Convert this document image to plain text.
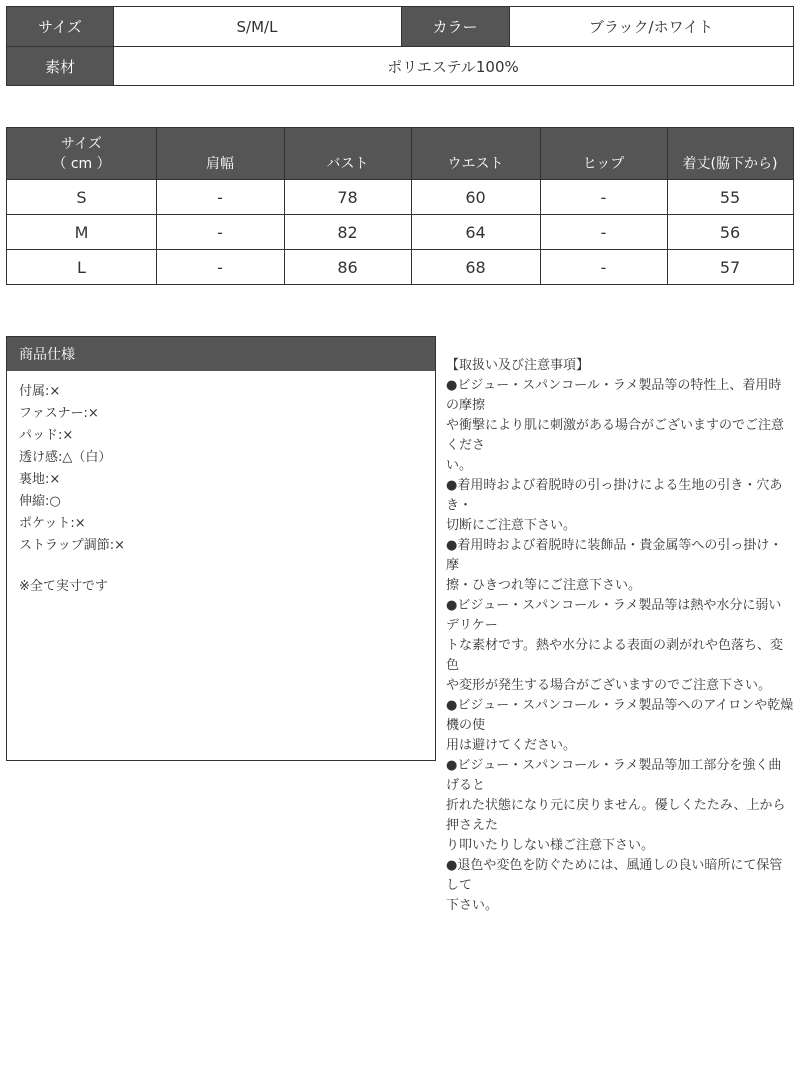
サイズ	S/M/L	カラー	ブラック/ホワイト
素材	ポリエステル100%
サイズ
（ cm ）	肩幅	バスト	ウエスト	ヒップ	着丈(脇下から)
S	-	78	60	-	55
M	-	82	64	-	56
L	-	86	68	-	57
商品仕様
付属:×
ファスナー:×
パッド:×
透け感:△（白）
裏地:×
伸縮:○
ポケット:×
ストラップ調節:×
※全て実寸です

【取扱い及び注意事項】

●ビジュー・スパンコール・ラメ製品等の特性上、着用時の摩擦

や衝撃により肌に刺激がある場合がございますのでご注意くださ

い。

●着用時および着脱時の引っ掛けによる生地の引き・穴あき・

切断にご注意下さい。

●着用時および着脱時に装飾品・貴金属等への引っ掛け・摩

擦・ひきつれ等にご注意下さい。

●ビジュー・スパンコール・ラメ製品等は熱や水分に弱いデリケー

トな素材です。熱や水分による表面の剥がれや色落ち、変色

や変形が発生する場合がございますのでご注意下さい。

●ビジュー・スパンコール・ラメ製品等へのアイロンや乾燥機の使

用は避けてください。

●ビジュー・スパンコール・ラメ製品等加工部分を強く曲げると

折れた状態になり元に戻りません。優しくたたみ、上から押さえた

り叩いたりしない様ご注意下さい。

●退色や変色を防ぐためには、風通しの良い暗所にて保管して

下さい。
